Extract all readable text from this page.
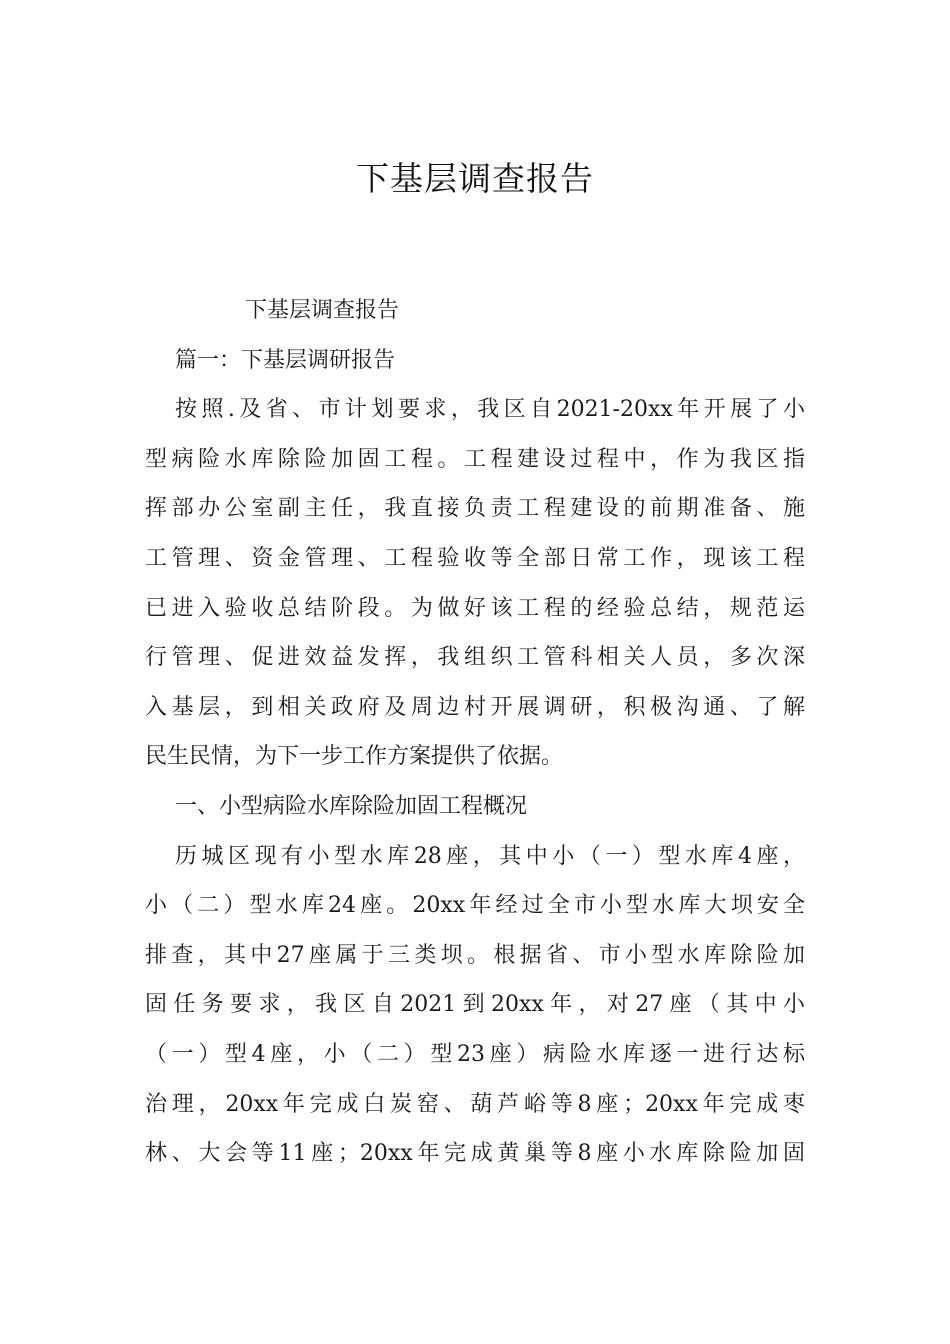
下基层调查报告

下基层调查报告

篇一：下基层调研报告

按照.及省、市计划要求，我区自2021-20xx年开展了小
型病险水库除险加固工程。工程建设过程中，作为我区指
挥部办公室副主任，我直接负责工程建设的前期准备、施
工管理、资金管理、工程验收等全部日常工作，现该工程
已进入验收总结阶段。为做好该工程的经验总结，规范运
行管理、促进效益发挥，我组织工管科相关人员，多次深
入基层，到相关政府及周边村开展调研，积极沟通、了解
民生民情，为下一步工作方案提供了依据。

一、小型病险水库除险加固工程概况

历城区现有小型水库28座，其中小（一）型水库4座，
小（二）型水库24座。20xx年经过全市小型水库大坝安全
排查，其中27座属于三类坝。根据省、市小型水库除险加
固任务要求，我区自2021到20xx年，对27座（其中小
（一）型4座，小（二）型23座）病险水库逐一进行达标
治理，20xx年完成白炭窑、葫芦峪等8座；20xx年完成枣
林、大会等11座；20xx年完成黄巢等8座小水库除险加固
